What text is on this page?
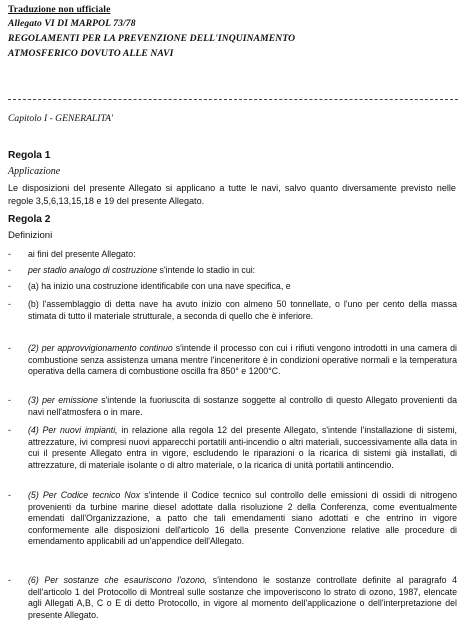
Traduzione non ufficiale
Allegato VI DI MARPOL 73/78
REGOLAMENTI PER LA PREVENZIONE DELL'INQUINAMENTO
ATMOSFERICO DOVUTO ALLE NAVI
Capitolo I - GENERALITA'
Regola 1
Applicazione
Le disposizioni del presente Allegato si applicano a tutte le navi, salvo quanto diversamente previsto nelle regole 3,5,6,13,15,18 e 19 del presente Allegato.
Regola 2
Definizioni
- ai fini del presente Allegato:
- per stadio analogo di costruzione s'intende lo stadio in cui:
- (a) ha inizio una costruzione identificabile con una nave specifica, e
- (b) l'assemblaggio di detta nave ha avuto inizio con almeno 50 tonnellate, o l'uno per cento della massa stimata di tutto il materiale strutturale, a seconda di quello che è inferiore.
- (2) per approvvigionamento continuo s'intende il processo con cui i rifiuti vengono introdotti in una camera di combustione senza assistenza umana mentre l'inceneritore è in condizioni operative normali e la temperatura operativa della camera di combustione oscilla fra 850° e 1200°C.
- (3) per emissione s'intende la fuoriuscita di sostanze soggette al controllo di questo Allegato provenienti da navi nell'atmosfera o in mare.
- (4) Per nuovi impianti, in relazione alla regola 12 del presente Allegato, s'intende l'installazione di sistemi, attrezzature, ivi compresi nuovi apparecchi portatili anti-incendio o altri materiali, successivamente alla data in cui il presente Allegato entra in vigore, escludendo le riparazioni o la ricarica di sistemi già installati, di attrezzature, di materiale isolante o di altro materiale, o la ricarica di unità portatili antincendio.
- (5) Per Codice tecnico Nox s'intende il Codice tecnico sul controllo delle emissioni di ossidi di nitrogeno provenienti da turbine marine diesel adottate dalla risoluzione 2 della Conferenza, come eventualmente emendati dall'Organizzazione, a patto che tali emendamenti siano adottati e che entrino in vigore conformemente alle disposizioni dell'articolo 16 della presente Convenzione relative alle procedure di emendamento applicabili ad un'appendice dell'Allegato.
- (6) Per sostanze che esauriscono l'ozono, s'intendono le sostanze controllate definite al paragrafo 4 dell'articolo 1 del Protocollo di Montreal sulle sostanze che impoveriscono lo strato di ozono, 1987, elencate agli Allegati A,B, C o E di detto Protocollo, in vigore al momento dell'applicazione o dell'interpretazione del presente Allegato.
